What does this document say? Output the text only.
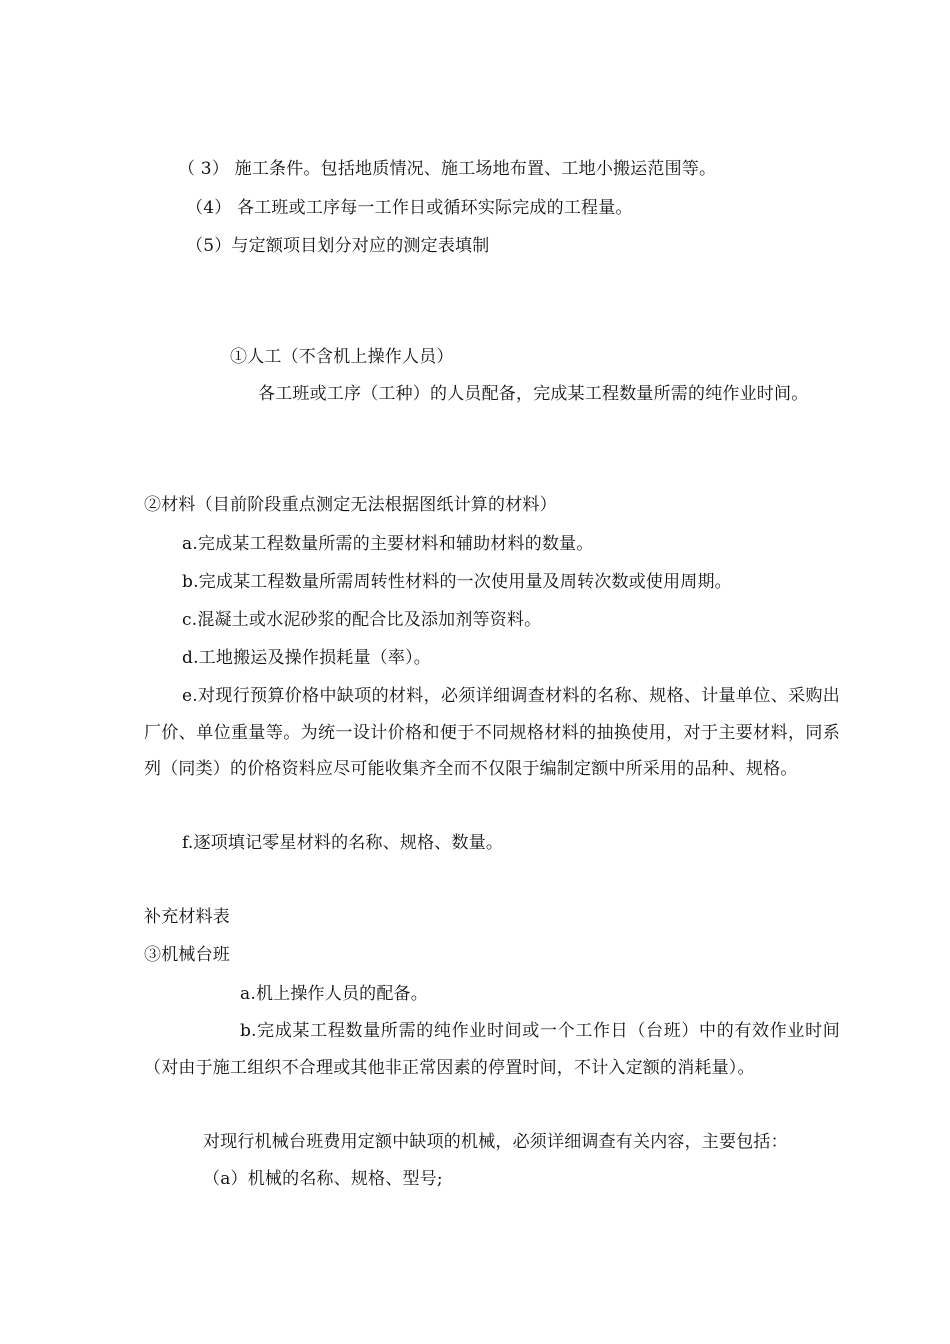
（ 3） 施工条件。包括地质情况、施工场地布置、工地小搬运范围等。
（4） 各工班或工序每一工作日或循环实际完成的工程量。
（5）与定额项目划分对应的测定表填制
①人工（不含机上操作人员）
各工班或工序（工种）的人员配备，完成某工程数量所需的纯作业时间。
②材料（目前阶段重点测定无法根据图纸计算的材料）
a.完成某工程数量所需的主要材料和辅助材料的数量。
b.完成某工程数量所需周转性材料的一次使用量及周转次数或使用周期。
c.混凝土或水泥砂浆的配合比及添加剂等资料。
d.工地搬运及操作损耗量（率）。
e.对现行预算价格中缺项的材料，必须详细调查材料的名称、规格、计量单位、采购出厂价、单位重量等。为统一设计价格和便于不同规格材料的抽换使用，对于主要材料，同系列（同类）的价格资料应尽可能收集齐全而不仅限于编制定额中所采用的品种、规格。
f.逐项填记零星材料的名称、规格、数量。
补充材料表
③机械台班
a.机上操作人员的配备。
b.完成某工程数量所需的纯作业时间或一个工作日（台班）中的有效作业时间（对由于施工组织不合理或其他非正常因素的停置时间，不计入定额的消耗量）。
对现行机械台班费用定额中缺项的机械，必须详细调查有关内容，主要包括：
（a）机械的名称、规格、型号;
